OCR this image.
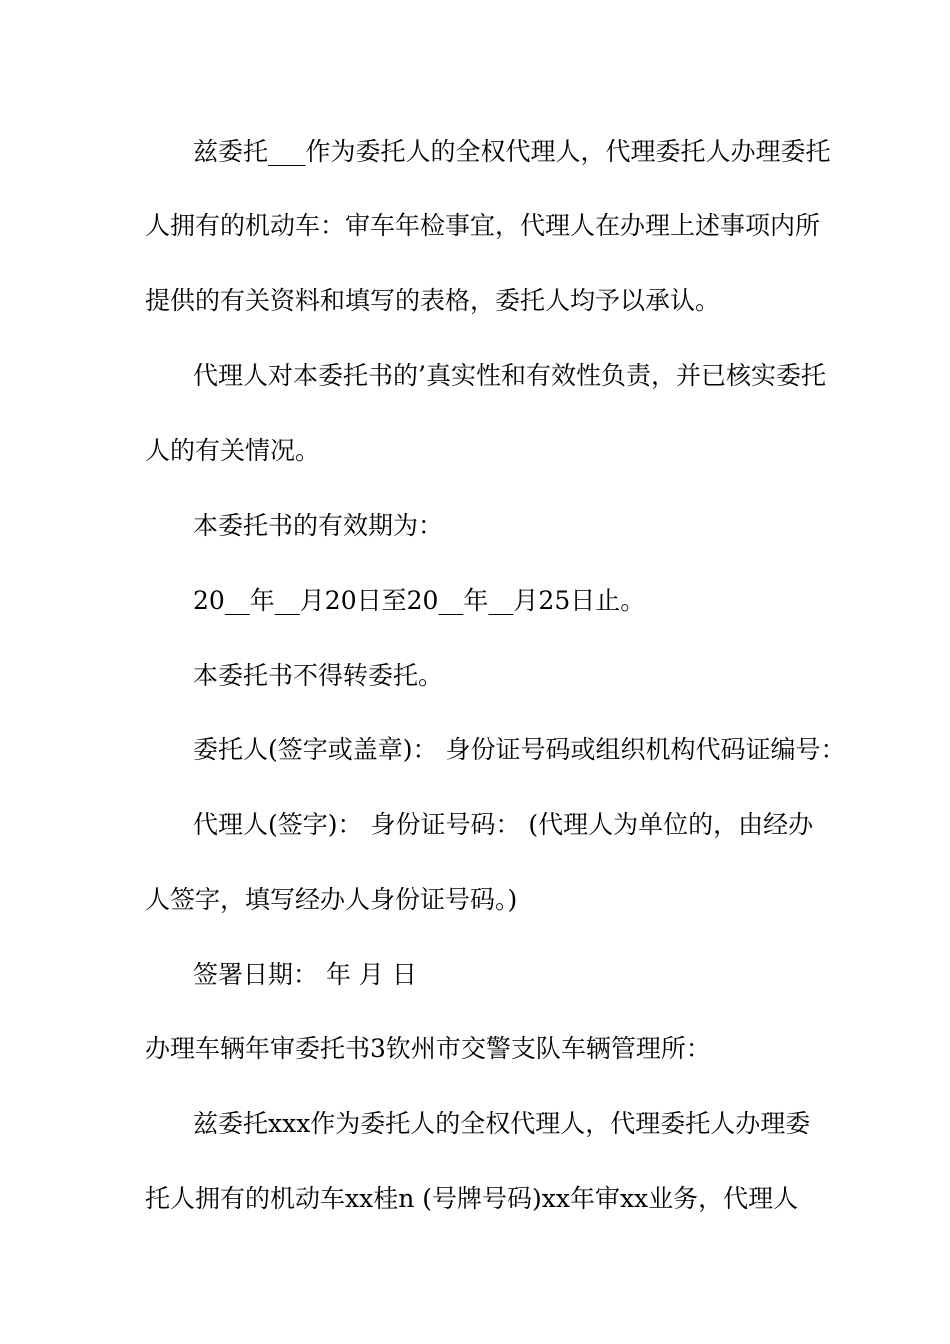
兹委托___作为委托人的全权代理人，代理委托人办理委托
人拥有的机动车：审车年检事宜，代理人在办理上述事项内所
提供的有关资料和填写的表格，委托人均予以承认。
代理人对本委托书的’真实性和有效性负责，并已核实委托
人的有关情况。
本委托书的有效期为：
20__年__月20日至20__年__月25日止。
本委托书不得转委托。
委托人(签字或盖章)： 身份证号码或组织机构代码证编号：
代理人(签字)： 身份证号码： (代理人为单位的，由经办
人签字，填写经办人身份证号码。)
签署日期： 年 月 日
办理车辆年审委托书3钦州市交警支队车辆管理所：
兹委托xxx作为委托人的全权代理人，代理委托人办理委
托人拥有的机动车xx桂n (号牌号码)xx年审xx业务，代理人
